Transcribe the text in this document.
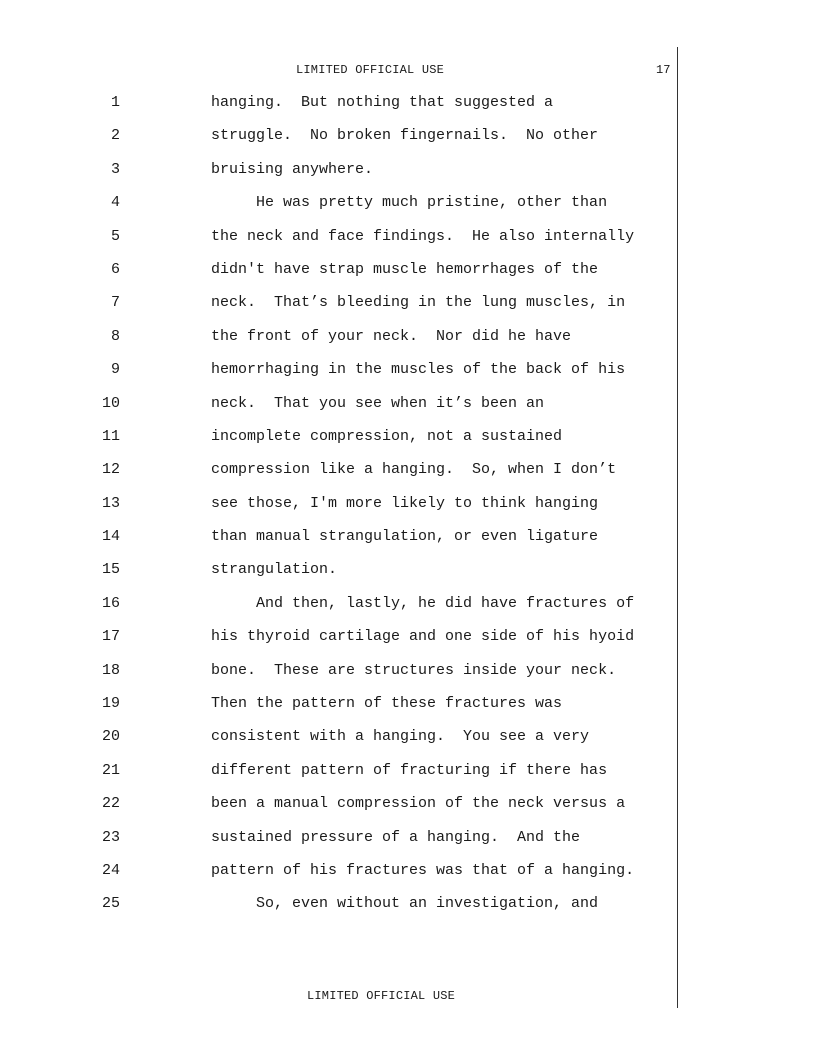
LIMITED OFFICIAL USE	17
1	hanging.  But nothing that suggested a
2	struggle.  No broken fingernails.  No other
3	bruising anywhere.
4	He was pretty much pristine, other than
5	the neck and face findings.  He also internally
6	didn't have strap muscle hemorrhages of the
7	neck.  That’s bleeding in the lung muscles, in
8	the front of your neck.  Nor did he have
9	hemorrhaging in the muscles of the back of his
10	neck.  That you see when it’s been an
11	incomplete compression, not a sustained
12	compression like a hanging.  So, when I don’t
13	see those, I'm more likely to think hanging
14	than manual strangulation, or even ligature
15	strangulation.
16	And then, lastly, he did have fractures of
17	his thyroid cartilage and one side of his hyoid
18	bone.  These are structures inside your neck.
19	Then the pattern of these fractures was
20	consistent with a hanging.  You see a very
21	different pattern of fracturing if there has
22	been a manual compression of the neck versus a
23	sustained pressure of a hanging.  And the
24	pattern of his fractures was that of a hanging.
25	So, even without an investigation, and
LIMITED OFFICIAL USE
